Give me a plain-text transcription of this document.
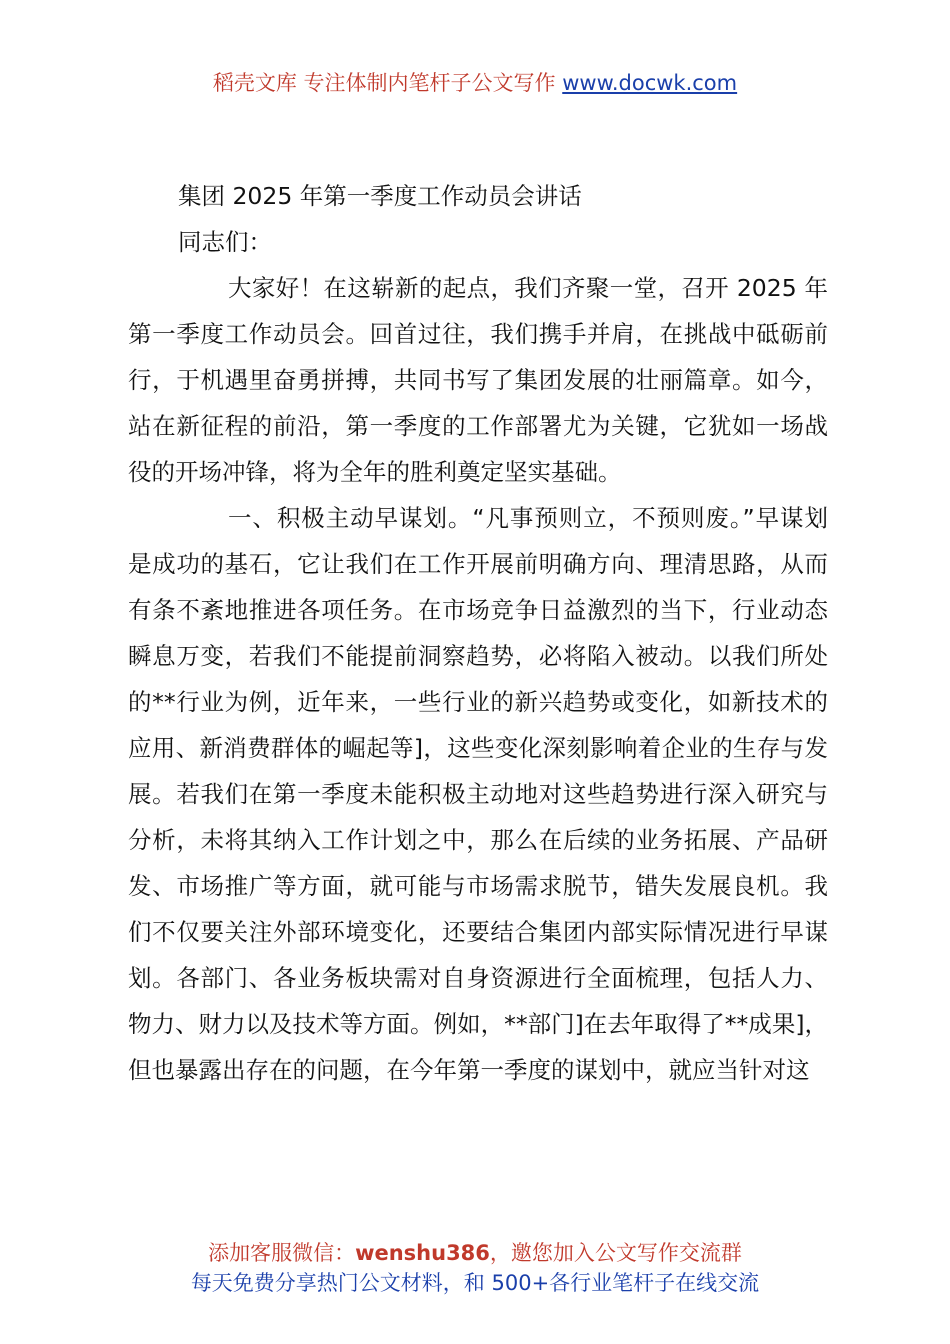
稻壳文库 专注体制内笔杆子公文写作 www.docwk.com

集团 2025 年第一季度工作动员会讲话

同志们：

大家好！在这崭新的起点，我们齐聚一堂，召开 2025 年第一季度工作动员会。回首过往，我们携手并肩，在挑战中砥砺前行，于机遇里奋勇拼搏，共同书写了集团发展的壮丽篇章。如今，站在新征程的前沿，第一季度的工作部署尤为关键，它犹如一场战役的开场冲锋，将为全年的胜利奠定坚实基础。

一、积极主动早谋划。“凡事预则立，不预则废。”早谋划是成功的基石，它让我们在工作开展前明确方向、理清思路，从而有条不紊地推进各项任务。在市场竞争日益激烈的当下，行业动态瞬息万变，若我们不能提前洞察趋势，必将陷入被动。以我们所处的**行业为例，近年来，一些行业的新兴趋势或变化，如新技术的应用、新消费群体的崛起等]，这些变化深刻影响着企业的生存与发展。若我们在第一季度未能积极主动地对这些趋势进行深入研究与分析，未将其纳入工作计划之中，那么在后续的业务拓展、产品研发、市场推广等方面，就可能与市场需求脱节，错失发展良机。我们不仅要关注外部环境变化，还要结合集团内部实际情况进行早谋划。各部门、各业务板块需对自身资源进行全面梳理，包括人力、物力、财力以及技术等方面。例如，**部门]在去年取得了**成果]，但也暴露出存在的问题，在今年第一季度的谋划中，就应当针对这

添加客服微信：wenshu386，邀您加入公文写作交流群
每天免费分享热门公文材料，和 500+各行业笔杆子在线交流
